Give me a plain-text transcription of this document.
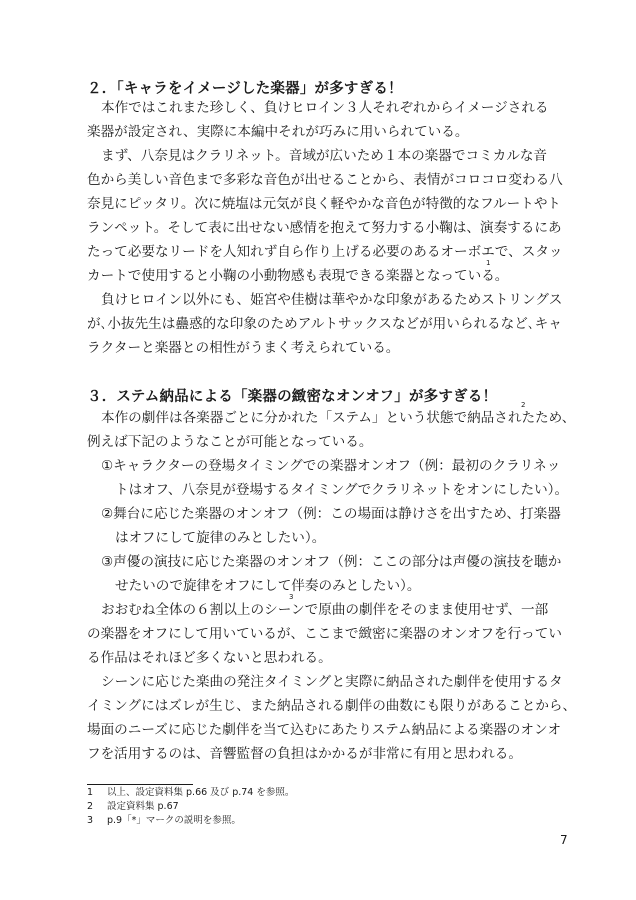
２．「キャラをイメージした楽器」が多すぎる！
本作ではこれまた珍しく、負けヒロイン３人それぞれからイメージされる
楽器が設定され、実際に本編中それが巧みに用いられている。
まず、八奈見はクラリネット。音域が広いため１本の楽器でコミカルな音
色から美しい音色まで多彩な音色が出せることから、表情がコロコロ変わる八
奈見にピッタリ。次に焼塩は元気が良く軽やかな音色が特徴的なフルートやト
ランペット。そして表に出せない感情を抱えて努力する小鞠は、演奏するにあ
たって必要なリードを人知れず自ら作り上げる必要のあるオーボエで、スタッ
カートで使用すると小鞠の小動物感も表現できる楽器となっている。
1
負けヒロイン以外にも、姫宮や佳樹は華やかな印象があるためストリングス
が､小抜先生は蠱惑的な印象のためアルトサックスなどが用いられるなど､キャ
ラクターと楽器との相性がうまく考えられている。
３．ステム納品による「楽器の緻密なオンオフ」が多すぎる！
本作の劇伴は各楽器ごとに分かれた「ステム」という状態で納品されたため、
2
例えば下記のようなことが可能となっている。
①キャラクターの登場タイミングでの楽器オンオフ（例：最初のクラリネッ
トはオフ、八奈見が登場するタイミングでクラリネットをオンにしたい）。
②舞台に応じた楽器のオンオフ（例：この場面は静けさを出すため、打楽器
はオフにして旋律のみとしたい）。
③声優の演技に応じた楽器のオンオフ（例：ここの部分は声優の演技を聴か
せたいので旋律をオフにして伴奏のみとしたい）。
おおむね全体の６割以上のシーンで原曲の劇伴をそのまま使用せず、一部
3
の楽器をオフにして用いているが、ここまで緻密に楽器のオンオフを行ってい
る作品はそれほど多くないと思われる。
シーンに応じた楽曲の発注タイミングと実際に納品された劇伴を使用するタ
イミングにはズレが生じ、また納品される劇伴の曲数にも限りがあることから、
場面のニーズに応じた劇伴を当て込むにあたりステム納品による楽器のオンオ
フを活用するのは、音響監督の負担はかかるが非常に有用と思われる。
1 以上、設定資料集 p.66 及び p.74 を参照。
2 設定資料集 p.67
3 p.9「*」マークの説明を参照。
7
